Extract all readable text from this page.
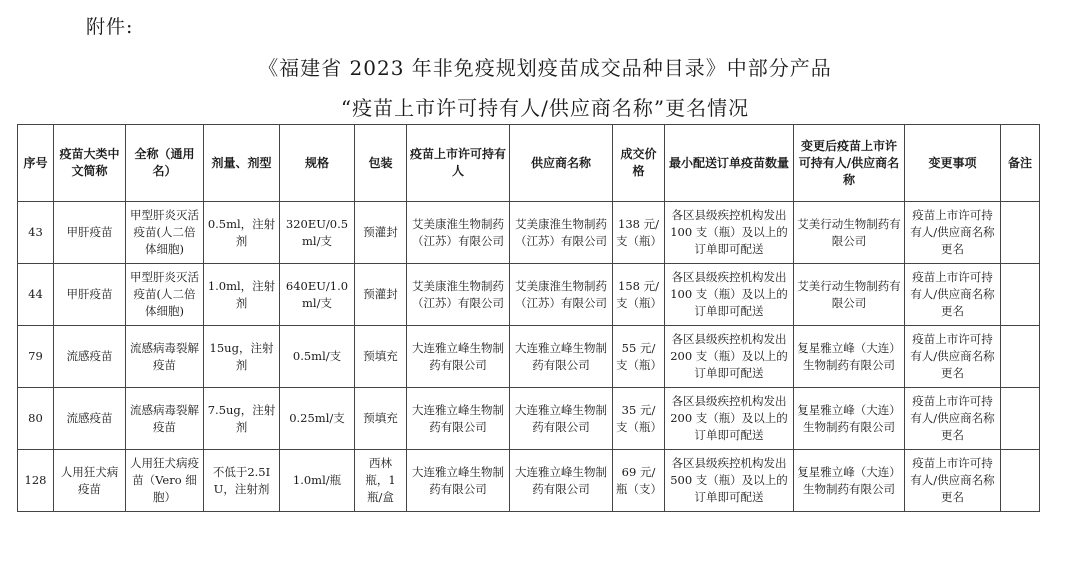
附件:
《福建省 2023 年非免疫规划疫苗成交品种目录》中部分产品
“疫苗上市许可持有人/供应商名称”更名情况
序号	疫苗大类中文简称	全称（通用名）	剂量、剂型	规格	包装	疫苗上市许可持有人	供应商名称	成交价格	最小配送订单疫苗数量	变更后疫苗上市许可持有人/供应商名称	变更事项	备注
43	甲肝疫苗	甲型肝炎灭活疫苗(人二倍体细胞)	0.5ml，注射剂	320EU/0.5ml/支	预灌封	艾美康淮生物制药（江苏）有限公司	艾美康淮生物制药（江苏）有限公司	138 元/支（瓶）	各区县级疾控机构发出100 支（瓶）及以上的订单即可配送	艾美行动生物制药有限公司	疫苗上市许可持有人/供应商名称更名	
44	甲肝疫苗	甲型肝炎灭活疫苗(人二倍体细胞)	1.0ml，注射剂	640EU/1.0ml/支	预灌封	艾美康淮生物制药（江苏）有限公司	艾美康淮生物制药（江苏）有限公司	158 元/支（瓶）	各区县级疾控机构发出100 支（瓶）及以上的订单即可配送	艾美行动生物制药有限公司	疫苗上市许可持有人/供应商名称更名	
79	流感疫苗	流感病毒裂解疫苗	15ug，注射剂	0.5ml/支	预填充	大连雅立峰生物制药有限公司	大连雅立峰生物制药有限公司	55 元/支（瓶）	各区县级疾控机构发出200 支（瓶）及以上的订单即可配送	复星雅立峰（大连）生物制药有限公司	疫苗上市许可持有人/供应商名称更名	
80	流感疫苗	流感病毒裂解疫苗	7.5ug，注射剂	0.25ml/支	预填充	大连雅立峰生物制药有限公司	大连雅立峰生物制药有限公司	35 元/支（瓶）	各区县级疾控机构发出200 支（瓶）及以上的订单即可配送	复星雅立峰（大连）生物制药有限公司	疫苗上市许可持有人/供应商名称更名	
128	人用狂犬病疫苗	人用狂犬病疫苗（Vero 细胞）	不低于2.5IU，注射剂	1.0ml/瓶	西林瓶，1瓶/盒	大连雅立峰生物制药有限公司	大连雅立峰生物制药有限公司	69 元/瓶（支）	各区县级疾控机构发出500 支（瓶）及以上的订单即可配送	复星雅立峰（大连）生物制药有限公司	疫苗上市许可持有人/供应商名称更名	
